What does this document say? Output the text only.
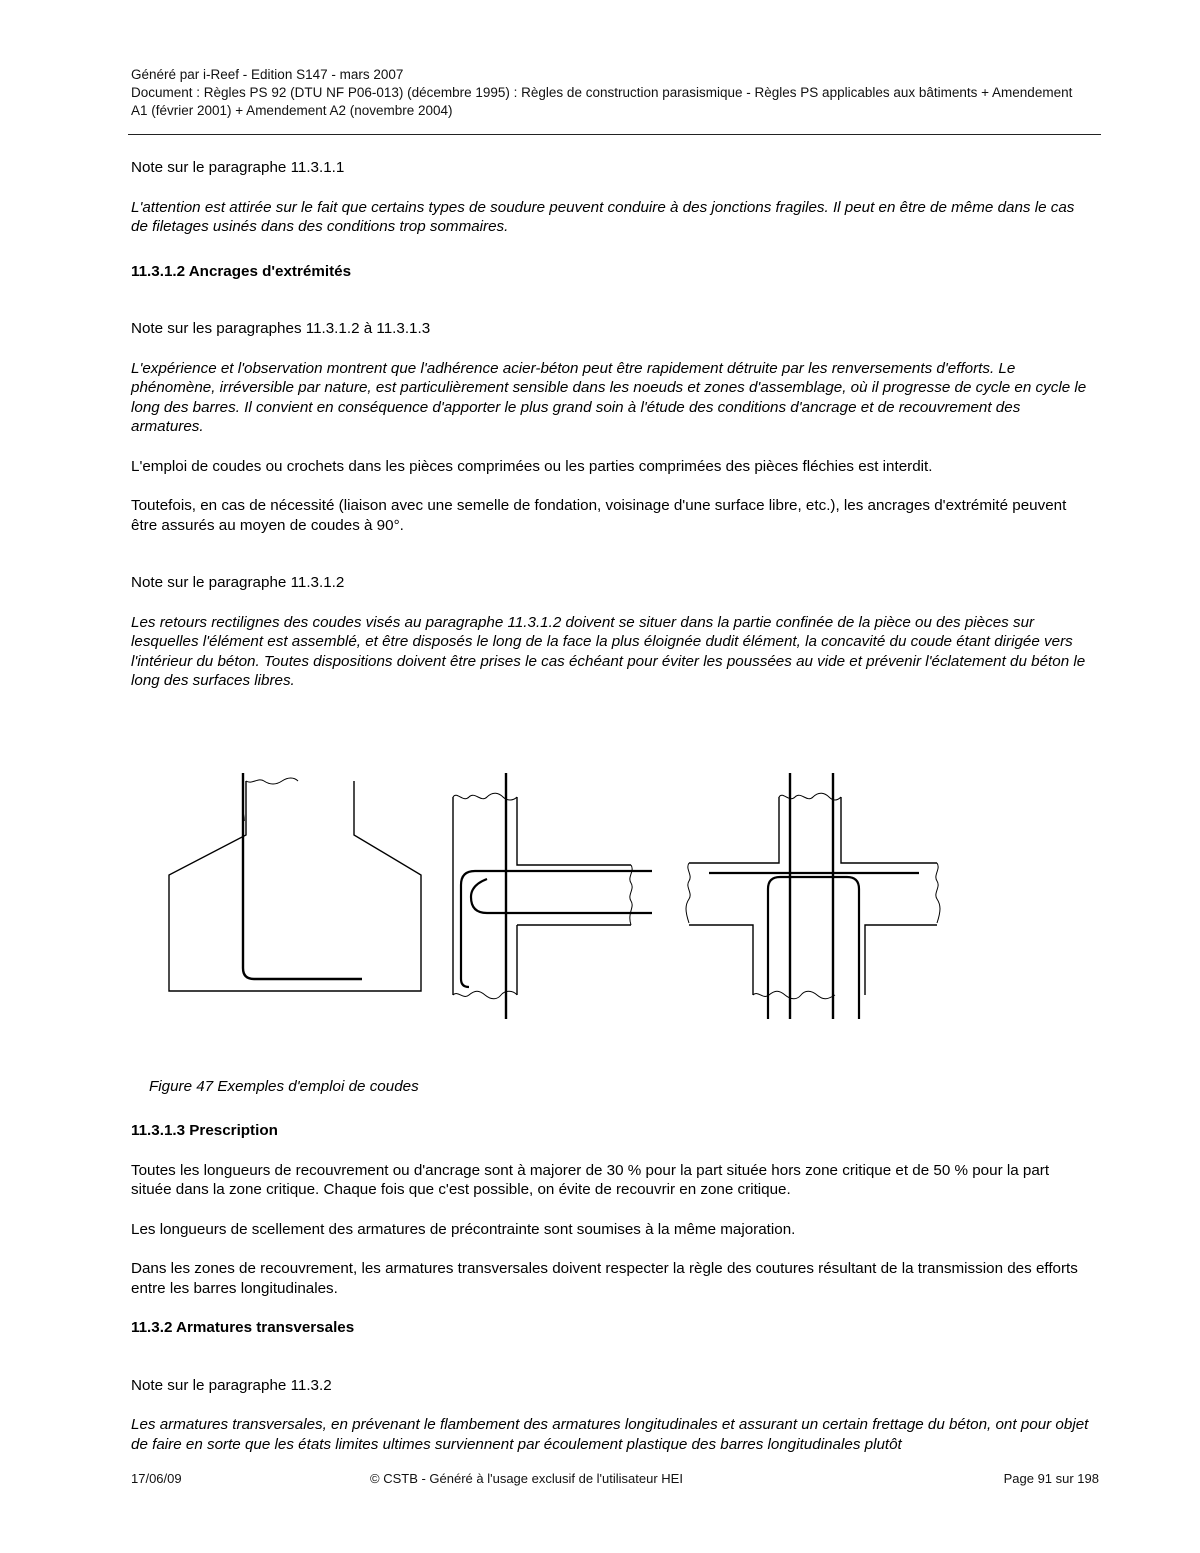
Généré par i-Reef - Edition S147 - mars 2007
Document : Règles PS 92 (DTU NF P06-013) (décembre 1995) : Règles de construction parasismique - Règles PS applicables aux bâtiments + Amendement A1 (février 2001) + Amendement A2 (novembre 2004)

Note sur le paragraphe 11.3.1.1

L'attention est attirée sur le fait que certains types de soudure peuvent conduire à des jonctions fragiles. Il peut en être de même dans le cas de filetages usinés dans des conditions trop sommaires.

11.3.1.2 Ancrages d'extrémités

Note sur les paragraphes 11.3.1.2 à 11.3.1.3

L'expérience et l'observation montrent que l'adhérence acier-béton peut être rapidement détruite par les renversements d'efforts. Le phénomène, irréversible par nature, est particulièrement sensible dans les noeuds et zones d'assemblage, où il progresse de cycle en cycle le long des barres. Il convient en conséquence d'apporter le plus grand soin à l'étude des conditions d'ancrage et de recouvrement des armatures.

L'emploi de coudes ou crochets dans les pièces comprimées ou les parties comprimées des pièces fléchies est interdit.

Toutefois, en cas de nécessité (liaison avec une semelle de fondation, voisinage d'une surface libre, etc.), les ancrages d'extrémité peuvent être assurés au moyen de coudes à 90°.

Note sur le paragraphe 11.3.1.2

Les retours rectilignes des coudes visés au paragraphe 11.3.1.2 doivent se situer dans la partie confinée de la pièce ou des pièces sur lesquelles l'élément est assemblé, et être disposés le long de la face la plus éloignée dudit élément, la concavité du coude étant dirigée vers l'intérieur du béton. Toutes dispositions doivent être prises le cas échéant pour éviter les poussées au vide et prévenir l'éclatement du béton le long des surfaces libres.

Figure 47 Exemples d'emploi de coudes

11.3.1.3 Prescription

Toutes les longueurs de recouvrement ou d'ancrage sont à majorer de 30 % pour la part située hors zone critique et de 50 % pour la part située dans la zone critique. Chaque fois que c'est possible, on évite de recouvrir en zone critique.

Les longueurs de scellement des armatures de précontrainte sont soumises à la même majoration.

Dans les zones de recouvrement, les armatures transversales doivent respecter la règle des coutures résultant de la transmission des efforts entre les barres longitudinales.

11.3.2 Armatures transversales

Note sur le paragraphe 11.3.2

Les armatures transversales, en prévenant le flambement des armatures longitudinales et assurant un certain frettage du béton, ont pour objet de faire en sorte que les états limites ultimes surviennent par écoulement plastique des barres longitudinales plutôt

17/06/09	© CSTB - Généré à l'usage exclusif de l'utilisateur HEI	Page 91 sur 198
